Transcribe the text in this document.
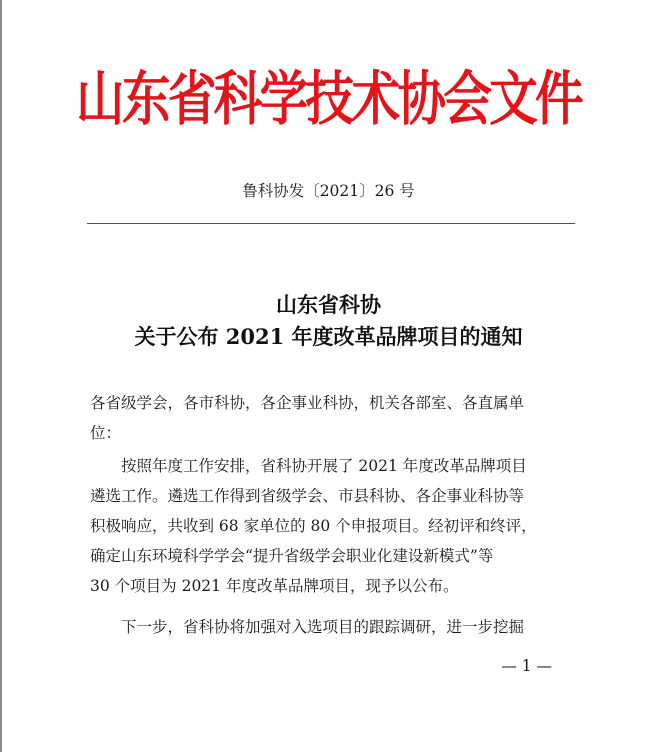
山东省科学技术协会文件
鲁科协发〔2021〕26 号
山东省科协
关于公布 2021 年度改革品牌项目的通知
各省级学会，各市科协，各企事业科协，机关各部室、各直属单
位：
按照年度工作安排，省科协开展了 2021 年度改革品牌项目
遴选工作。遴选工作得到省级学会、市县科协、各企事业科协等
积极响应，共收到 68 家单位的 80 个申报项目。经初评和终评，
确定山东环境科学学会“提升省级学会职业化建设新模式”等
30 个项目为 2021 年度改革品牌项目，现予以公布。
下一步，省科协将加强对入选项目的跟踪调研，进一步挖掘
— 1 —
